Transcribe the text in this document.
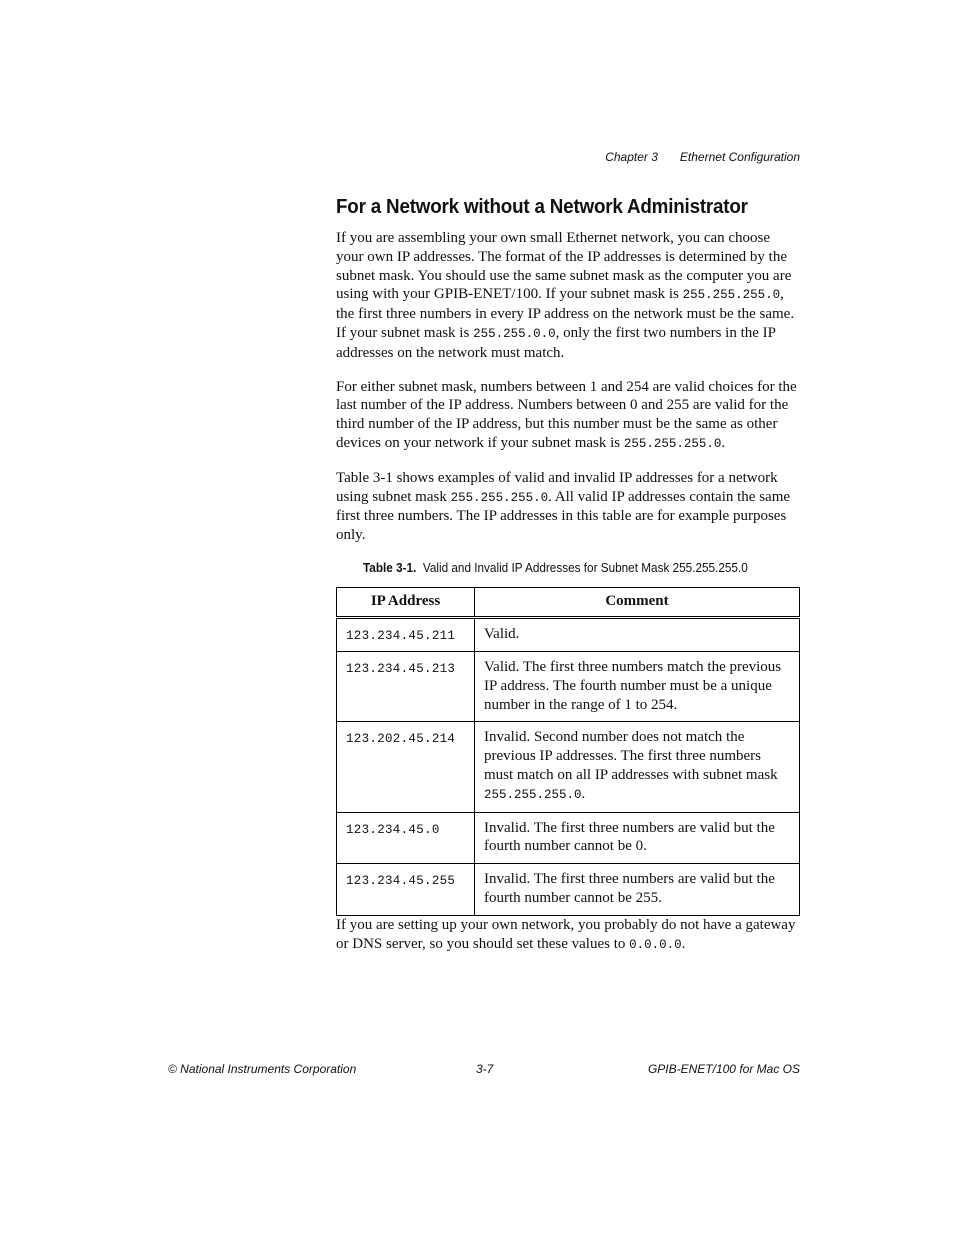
Chapter 3 Ethernet Configuration
For a Network without a Network Administrator

If you are assembling your own small Ethernet network, you can choose your own IP addresses. The format of the IP addresses is determined by the subnet mask. You should use the same subnet mask as the computer you are using with your GPIB-ENET/100. If your subnet mask is 255.255.255.0, the first three numbers in every IP address on the network must be the same. If your subnet mask is 255.255.0.0, only the first two numbers in the IP addresses on the network must match.

For either subnet mask, numbers between 1 and 254 are valid choices for the last number of the IP address. Numbers between 0 and 255 are valid for the third number of the IP address, but this number must be the same as other devices on your network if your subnet mask is 255.255.255.0.

Table 3-1 shows examples of valid and invalid IP addresses for a network using subnet mask 255.255.255.0. All valid IP addresses contain the same first three numbers. The IP addresses in this table are for example purposes only.

Table 3-1. Valid and Invalid IP Addresses for Subnet Mask 255.255.255.0
IP Address	Comment
123.234.45.211	Valid.
123.234.45.213	Valid. The first three numbers match the previous IP address. The fourth number must be a unique number in the range of 1 to 254.
123.202.45.214	Invalid. Second number does not match the previous IP addresses. The first three numbers must match on all IP addresses with subnet mask 255.255.255.0.
123.234.45.0	Invalid. The first three numbers are valid but the fourth number cannot be 0.
123.234.45.255	Invalid. The first three numbers are valid but the fourth number cannot be 255.

If you are setting up your own network, you probably do not have a gateway or DNS server, so you should set these values to 0.0.0.0.

© National Instruments Corporation	3-7	GPIB-ENET/100 for Mac OS
